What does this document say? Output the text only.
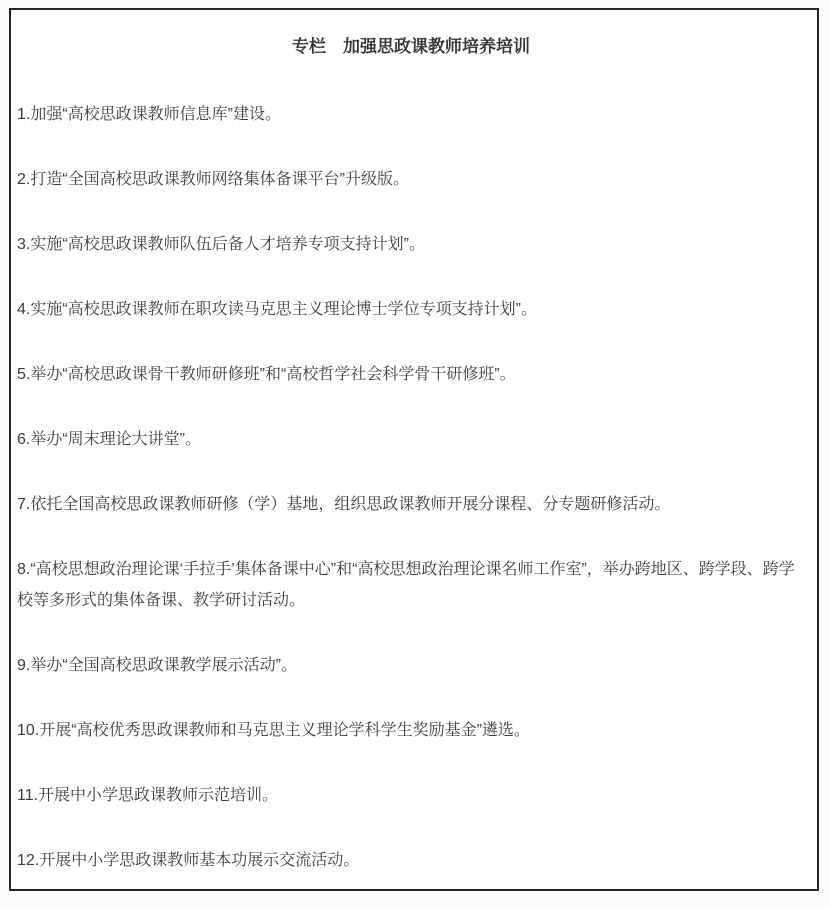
专栏　加强思政课教师培养培训

1.加强“高校思政课教师信息库”建设。

2.打造“全国高校思政课教师网络集体备课平台”升级版。

3.实施“高校思政课教师队伍后备人才培养专项支持计划”。

4.实施“高校思政课教师在职攻读马克思主义理论博士学位专项支持计划”。

5.举办“高校思政课骨干教师研修班”和“高校哲学社会科学骨干研修班”。

6.举办“周末理论大讲堂”。

7.依托全国高校思政课教师研修（学）基地，组织思政课教师开展分课程、分专题研修活动。

8.“高校思想政治理论课‘手拉手’集体备课中心”和“高校思想政治理论课名师工作室”，举办跨地区、跨学段、跨学校等多形式的集体备课、教学研讨活动。

9.举办“全国高校思政课教学展示活动”。

10.开展“高校优秀思政课教师和马克思主义理论学科学生奖励基金”遴选。

11.开展中小学思政课教师示范培训。

12.开展中小学思政课教师基本功展示交流活动。
